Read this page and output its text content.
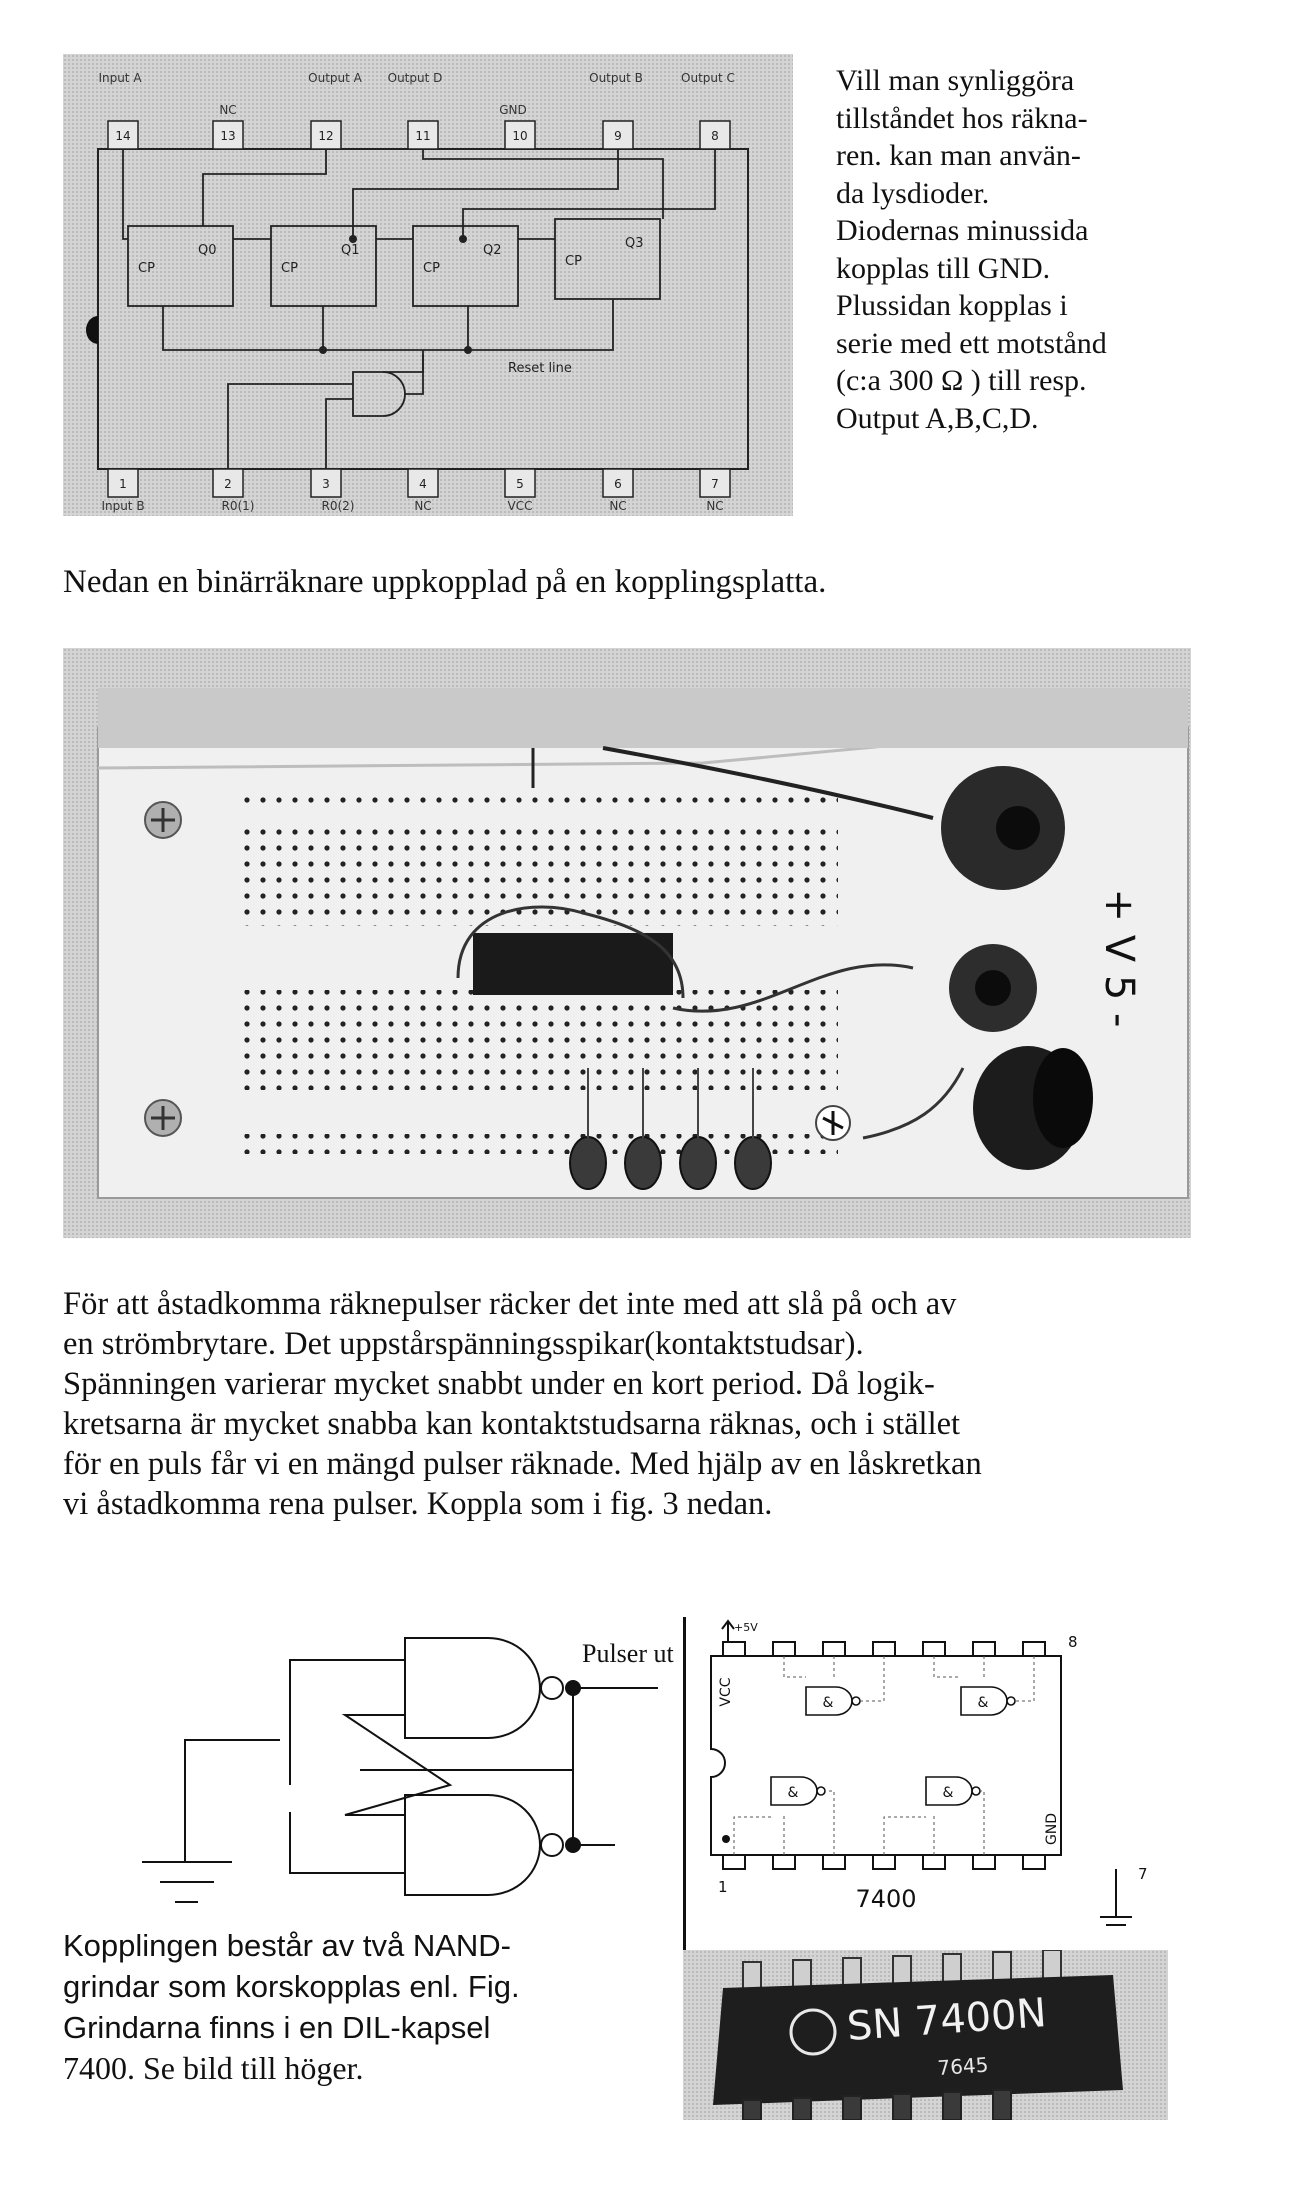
Input A
NC
Output A Output D
GND
Output B	Output C
14	13	12	11	10	9	8
1	2	3	4	5	6	7
CP
Q0
CP
Q1
CP
Q2
CP
Q3
Reset line
Input B	R0(1)	R0(2)	NC	VCC	NC	NC
Vill man synliggöra
tillståndet hos räkna-
ren. kan man använ-
da lysdioder.
Diodernas minussida
kopplas till GND.
Plussidan kopplas i
serie med ett motstånd
(c:a 300 Ω ) till resp.
Output A,B,C,D.
Nedan en binärräknare uppkopplad på en kopplingsplatta.
+ V 5 -
För att åstadkomma räknepulser räcker det inte med att slå på och av
en strömbrytare. Det uppstårspänningsspikar(kontaktstudsar).
Spänningen varierar mycket snabbt under en kort period. Då logik-
kretsarna är mycket snabba kan kontaktstudsarna räknas, och i stället
för en puls får vi en mängd pulser räknade. Med hjälp av en låskretkan
vi åstadkomma rena pulser. Koppla som i fig. 3 nedan.
Pulser ut
Kopplingen består av två NAND-
grindar som korskopplas enl. Fig.
Grindarna finns i en DIL-kapsel
7400. Se bild till höger.
&	&
&	&
+5V
VCC
GND
8
1
7
7400
SN 7400N
7645
